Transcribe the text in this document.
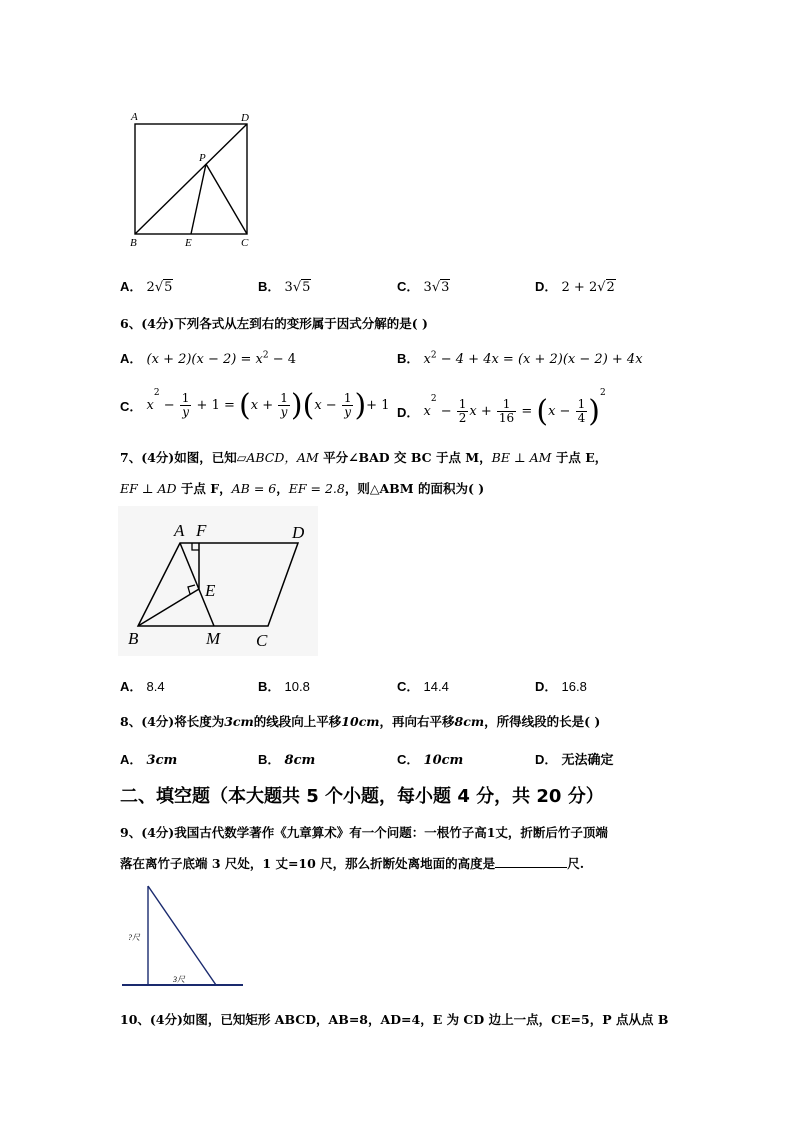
A	D
P
B	E	C
A． 2√5	B． 3√5	C． 3√3	D． 2 + 2√2
6、(4分)下列各式从左到右的变形属于因式分解的是( )
A． $(x + 2)(x - 2) = x^2 - 4$	B． $x^2 - 4 + 4x = (x + 2)(x - 2) + 4x$
C． $x^2 - \frac{1}{y} + 1 = (x + \frac{1}{y} )(x - \frac{1}{y}$ )+ 1 D． $x^2 - \frac{1}{2}$ $x + \frac{1}{16} = (x - \frac{1}{4} )^2$
7、(4分)如图，已知▱ABCD，AM 平分∠BAD 交 BC 于点 M，BE ⊥ AM 于点 E，
EF ⊥ AD 于点 F，AB = 6，EF = 2.8，则△ABM 的面积为( )
A F	D
E
B	M C
A． 8.4	B． 10.8	C． 14.4	D． 16.8
8、(4分)将长度为3cm的线段向上平移10cm，再向右平移8cm，所得线段的长是( )
A． 3cm	B． 8cm	C． 10cm	D． 无法确定
二、填空题（本大题共 5 个小题，每小题 4 分，共 20 分）
9、(4分)我国古代数学著作《九章算术》有一个问题：一根竹子高1丈，折断后竹子顶端
落在离竹子底端 3 尺处，1 丈=10 尺，那么折断处离地面的高度是	尺.
?尺
3尺
10、(4分)如图，已知矩形 ABCD，AB=8，AD=4，E 为 CD 边上一点，CE=5，P 点从点 B
